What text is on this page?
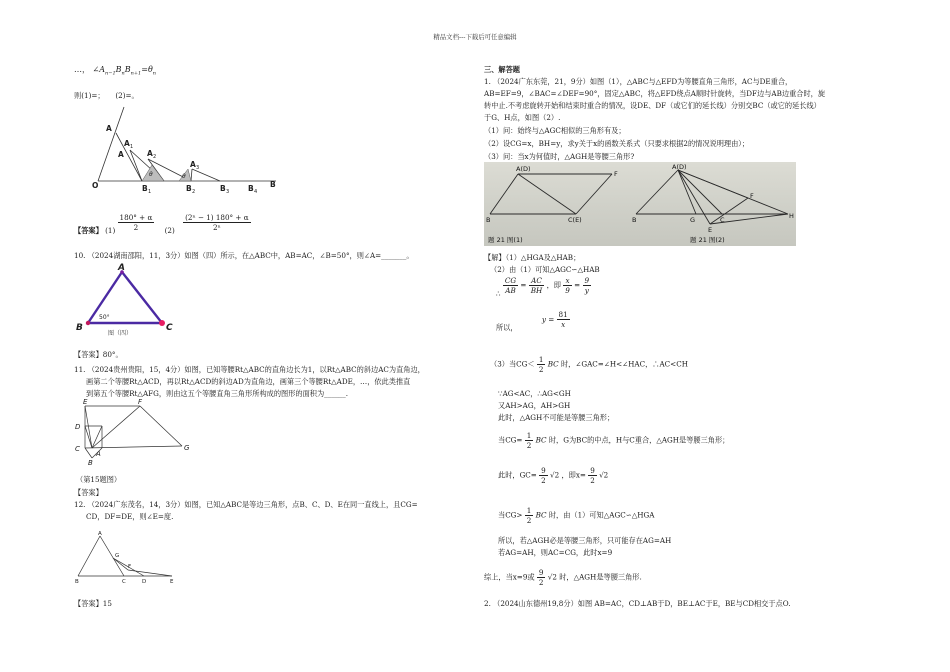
精品文档---下载后可任意编辑
…， $\angle A_{n-1}B_nB_{n+1}=\theta_n$
则(1)=；　　(2)=。
A
A
A
A
A
O	B	B	B	B B
1
2
3
1	2	3	4
θ	θ
【答案】 $(1) \frac{180^\circ + \alpha}{2} (2) \frac{\text{(2ⁿ − 1) 180° + α}}{\text{2ⁿ}}$
10. （2024湖南邵阳，11，3分）如图（四）所示，在△ABC中，AB=AC，∠B=50°，则∠A=_______。
A
B	C
50°
图（四）
【答案】80°。
11. （2024贵州贵阳，15，4分）如图，已知等腰Rt△ABC的直角边长为1，以Rt△ABC的斜边AC为直角边，
画第二个等腰Rt△ACD，再以Rt△ACD的斜边AD为直角边，画第三个等腰Rt△ADE，…，依此类推直
到第五个等腰Rt△AFG，则由这五个等腰直角三角形所构成的图形的面积为______.
E	F
D
C
A
G
B
（第15题图）
【答案】
12. （2024广东茂名，14，3分）如图，已知△ABC是等边三角形，点B、C、D、E在同一直线上，且CG=
CD，DF=DE，则∠E=度.
A
G
F
B	C	D	E
【答案】15
三、解答题
1. （2024广东东莞，21，9分）如图（1），△ABC与△EFD为等腰直角三角形，AC与DE重合，
AB=EF=9，∠BAC=∠DEF=90°，固定△ABC，将△EFD绕点A顺时针旋转，当DF边与AB边重合时，旋
转中止.不考虑旋转开始和结束时重合的情况，设DE、DF（或它们的延长线）分别交BC（或它的延长线）
于G、H点，如图（2）.
（1）问：始终与△AGC相似的三角形有及；
（2）设CG=x，BH=y，求y关于x的函数关系式（只要求根据2的情况说明理由）；
（3）问：当x为何值时，△AGH是等腰三角形?
A(D)
F
B	C(E)
题 21 图(1)
A(D)
F
B	G	C
E
H
题 21 图(2)
【解】（1）△HGA及△HAB；
（2）由（1）可知△AGC∽△HAB
∴ $\frac{CG}{AB} = \frac{AC}{BH}$ ，即 $\frac{x}{9} = \frac{9}{y}$
所以， $y = \frac{81}{x}$
（3）当$CG< \frac{1}{2}$ BC 时，∠GAC=∠H<∠HAC，∴AC<CH
∵AG<AC，∴AG<GH
又AH>AG，AH>GH
此时，△AGH不可能是等腰三角形；
当$CG= \frac{1}{2}$ BC 时，G为BC的中点，H与C重合，△AGH是等腰三角形；
此时，$GC= \frac{9}{2} √2$ ，即$x= \frac{9}{2} √2$
当$CG> \frac{1}{2}$ BC 时，由（1）可知△AGC∽△HGA
所以，若△AGH必是等腰三角形，只可能存在AG=AH
若AG=AH，则AC=CG，此时x=9
综上，当x=9或 $\frac{9}{2} √2$ 时，△AGH是等腰三角形.
2. （2024山东德州19,8分）如图 AB=AC，CD⊥AB于D，BE⊥AC于E，BE与CD相交于点O.
